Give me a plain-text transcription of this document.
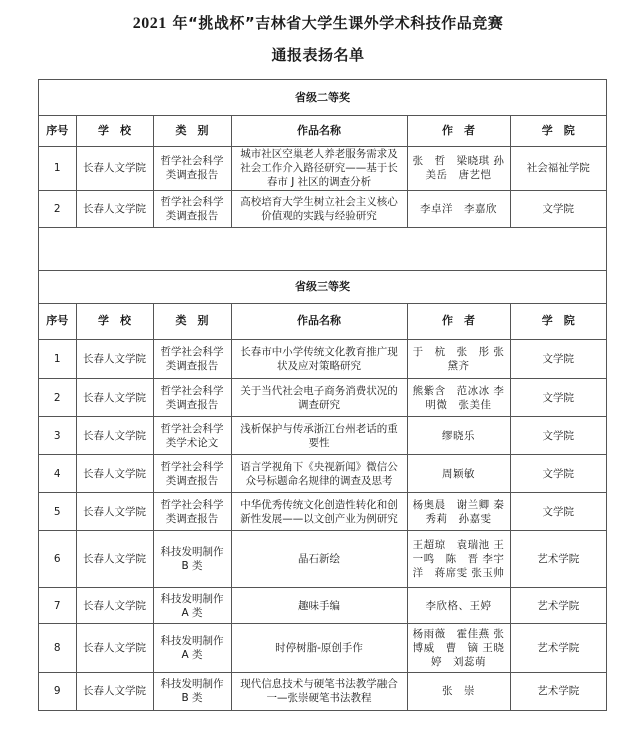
2021 年“挑战杯”吉林省大学生课外学术科技作品竞赛
通报表扬名单
省级二等奖
序号	学　校	类　别	作品名称	作　者	学　院
1	长春人文学院	哲学社会科学类调查报告	城市社区空巢老人养老服务需求及社会工作介入路径研究——基于长春市 J 社区的调查分析	张　哲　梁晓琪 孙美岳　唐艺恺	社会福祉学院
2	长春人文学院	哲学社会科学类调查报告	高校培育大学生树立社会主义核心价值观的实践与经验研究	李卓洋　李嘉欣	文学院
省级三等奖
序号	学　校	类　别	作品名称	作　者	学　院
1	长春人文学院	哲学社会科学类调查报告	长春市中小学传统文化教育推广现状及应对策略研究	于　杭　张　彤 张黛齐	文学院
2	长春人文学院	哲学社会科学类调查报告	关于当代社会电子商务消费状况的调查研究	熊紫含　范冰冰 李明微　张美佳	文学院
3	长春人文学院	哲学社会科学类学术论文	浅析保护与传承浙江台州老话的重要性	缪晓乐	文学院
4	长春人文学院	哲学社会科学类调查报告	语言学视角下《央视新闻》微信公众号标题命名规律的调查及思考	周颖敏	文学院
5	长春人文学院	哲学社会科学类调查报告	中华优秀传统文化创造性转化和创新性发展——以文创产业为例研究	杨奥晨　谢兰卿 秦秀莉　孙嘉雯	文学院
6	长春人文学院	科技发明制作 B 类	晶石新绘	王超琼　袁瑞池 王一鸣　陈　晋 李宇洋　蒋席雯 张玉帅	艺术学院
7	长春人文学院	科技发明制作 A 类	趣味手编	李欣格、王婷	艺术学院
8	长春人文学院	科技发明制作 A 类	时停树脂-原创手作	杨雨薇　霍佳燕 张博威　曹　镝 王晓婷　刘蕊萌	艺术学院
9	长春人文学院	科技发明制作 B 类	现代信息技术与硬笔书法教学融合一—张崇硬笔书法教程	张　崇	艺术学院
